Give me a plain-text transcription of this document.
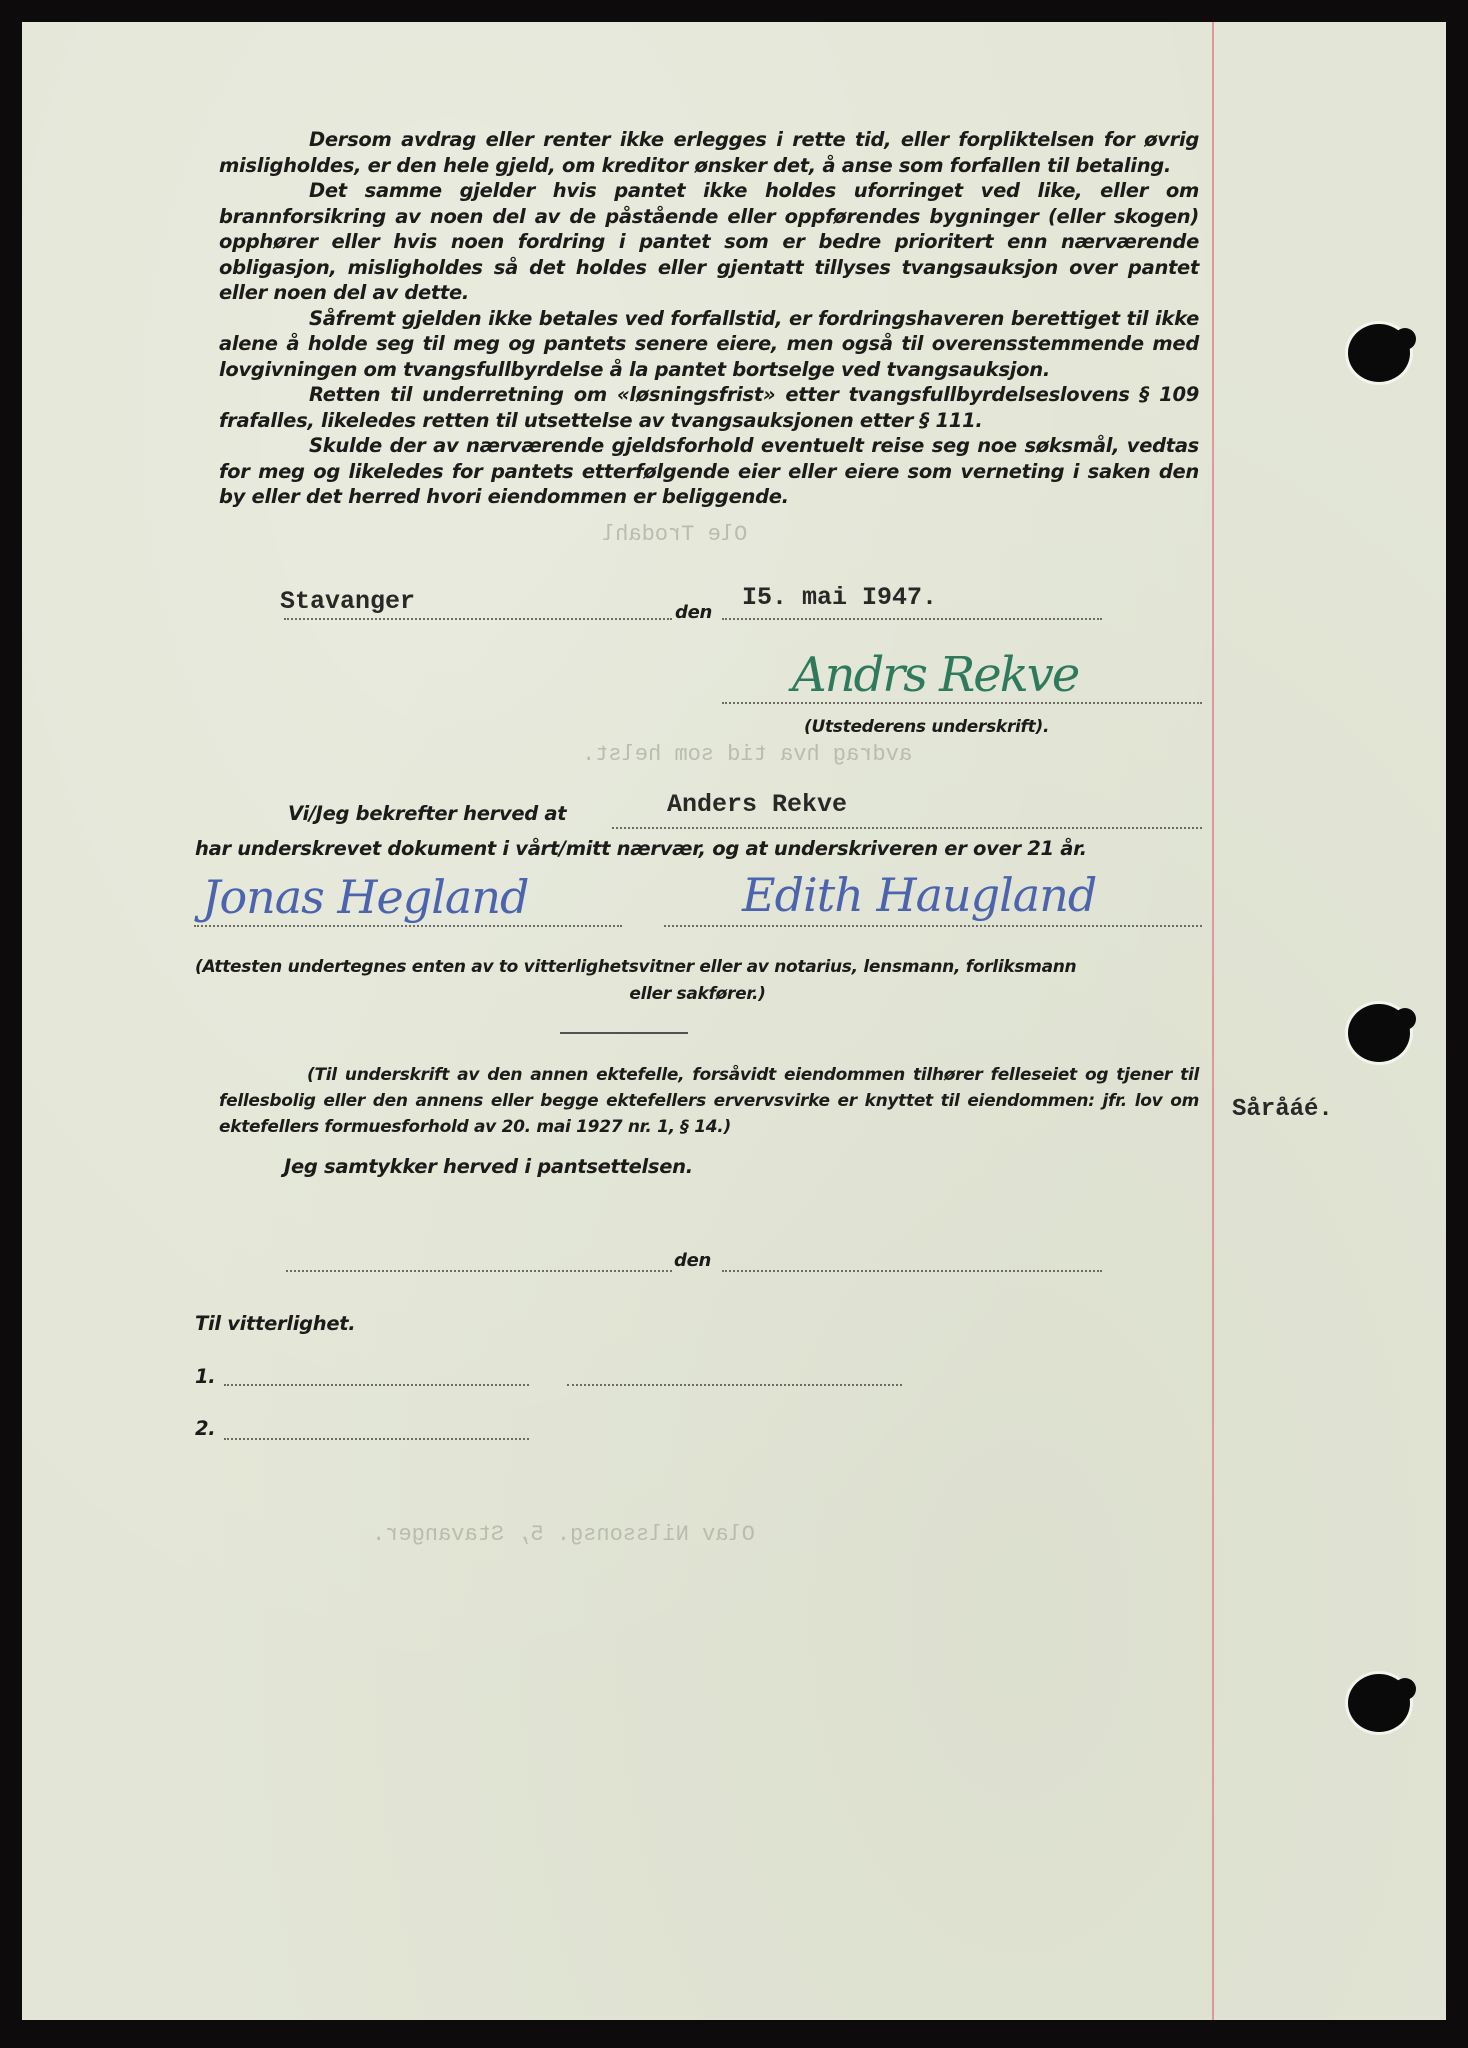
Ole Trodahl
avdrag hva tid som helst.
Olav Nilssonsg. 5, Stavanger.

Dersom avdrag eller renter ikke erlegges i rette tid, eller forpliktelsen for øvrig misligholdes, er den hele gjeld, om kreditor ønsker det, å anse som forfallen til betaling.

Det samme gjelder hvis pantet ikke holdes uforringet ved like, eller om brannforsikring av noen del av de påstående eller oppførendes bygninger (eller skogen) opphører eller hvis noen fordring i pantet som er bedre prioritert enn nærværende obligasjon, misligholdes så det holdes eller gjentatt tillyses tvangsauksjon over pantet eller noen del av dette.

Såfremt gjelden ikke betales ved forfallstid, er fordringshaveren berettiget til ikke alene å holde seg til meg og pantets senere eiere, men også til overensstemmende med lovgivningen om tvangsfullbyrdelse å la pantet bortselge ved tvangsauksjon.

Retten til underretning om «løsningsfrist» etter tvangsfullbyrdelseslovens § 109 frafalles, likeledes retten til utsettelse av tvangsauksjonen etter § 111.

Skulde der av nærværende gjeldsforhold eventuelt reise seg noe søksmål, vedtas for meg og likeledes for pantets etterfølgende eier eller eiere som verneting i saken den by eller det herred hvori eiendommen er beliggende.

Stavanger	den
I5. mai I947.
Andrs Rekve
(Utstederens underskrift).
Vi/Jeg bekrefter herved at	Anders Rekve
har underskrevet dokument i vårt/mitt nærvær, og at underskriveren er over 21 år.
Jonas Hegland	Edith Haugland
(Attesten undertegnes enten av to vitterlighetsvitner eller av notarius, lensmann, forliksmann
eller sakfører.)
(Til underskrift av den annen ektefelle, forsåvidt eiendommen tilhører felleseiet og tjener til fellesbolig eller den annens eller begge ektefellers ervervsvirke er knyttet til eiendommen: jfr. lov om ektefellers formuesforhold av 20. mai 1927 nr. 1, § 14.)
Jeg samtykker herved i pantsettelsen.
den
Til vitterlighet.
1.
2.
Såråáé.
